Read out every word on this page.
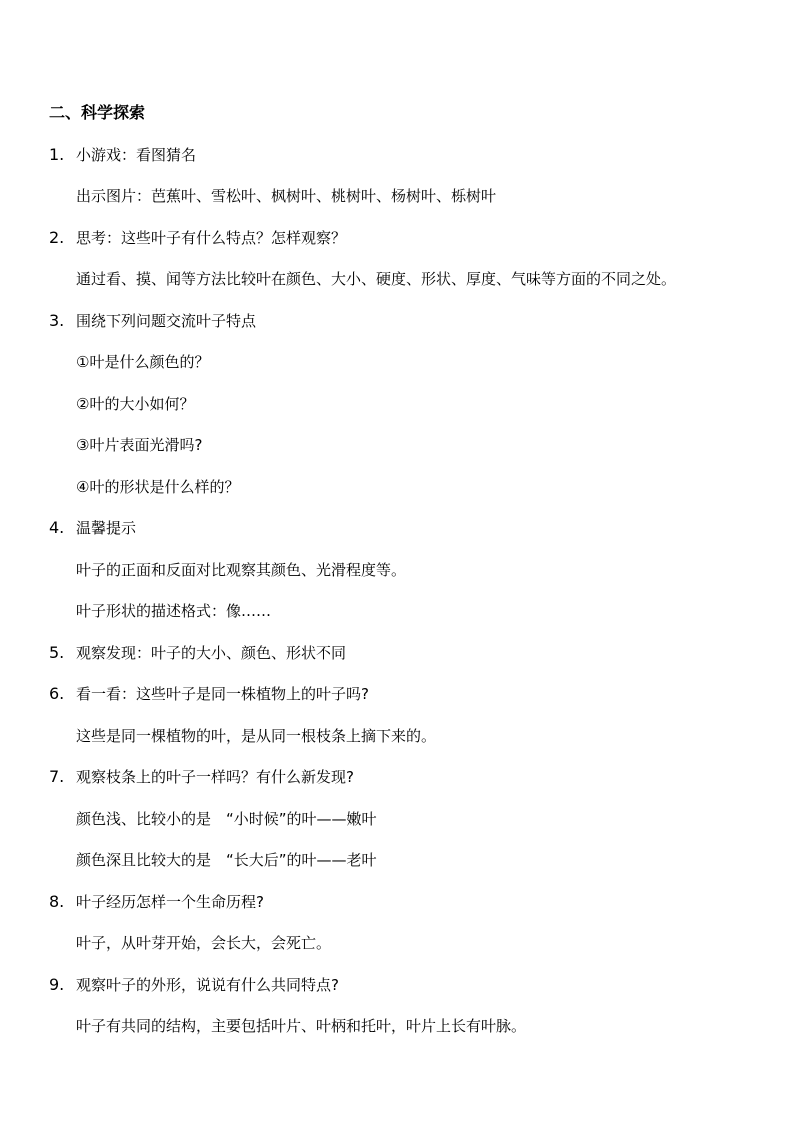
二、科学探索
1. 小游戏：看图猜名
出示图片：芭蕉叶、雪松叶、枫树叶、桃树叶、杨树叶、栎树叶
2. 思考：这些叶子有什么特点？怎样观察？
通过看、摸、闻等方法比较叶在颜色、大小、硬度、形状、厚度、气味等方面的不同之处。
3. 围绕下列问题交流叶子特点
①叶是什么颜色的？
②叶的大小如何？
③叶片表面光滑吗?
④叶的形状是什么样的？
4. 温馨提示
叶子的正面和反面对比观察其颜色、光滑程度等。
叶子形状的描述格式：像……
5. 观察发现：叶子的大小、颜色、形状不同
6. 看一看：这些叶子是同一株植物上的叶子吗?
这些是同一棵植物的叶，是从同一根枝条上摘下来的。
7. 观察枝条上的叶子一样吗？有什么新发现?
颜色浅、比较小的是　“小时候”的叶——嫩叶
颜色深且比较大的是　“长大后”的叶——老叶
8. 叶子经历怎样一个生命历程?
叶子，从叶芽开始，会长大，会死亡。
9. 观察叶子的外形，说说有什么共同特点?
叶子有共同的结构，主要包括叶片、叶柄和托叶，叶片上长有叶脉。
